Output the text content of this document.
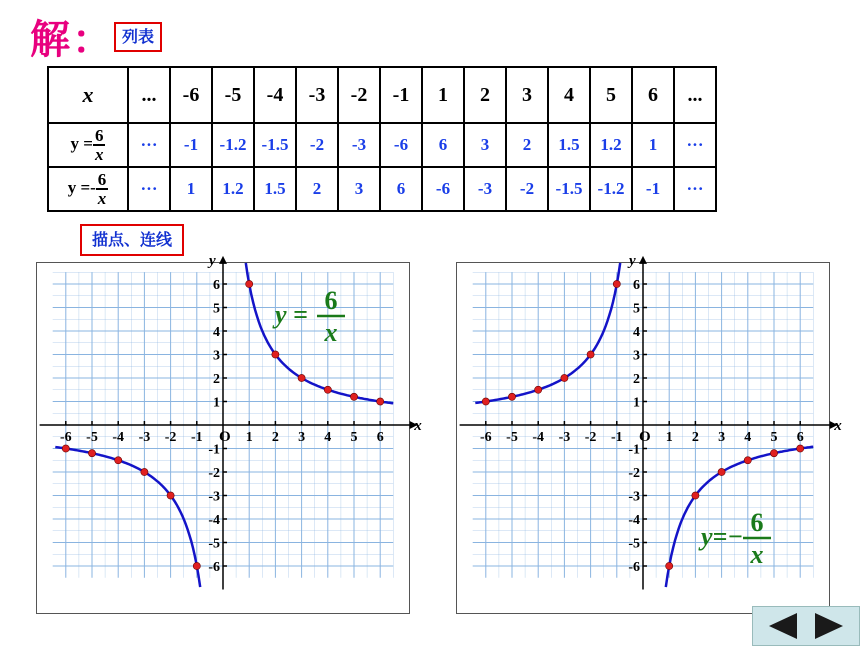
解： 列表
x	...	-6	-5	-4	-3	-2	-1	1	2	3	4	5	6	...
$y = \frac{6}{x}$	···	-1	-1.2	-1.5	-2	-3	-6	6	3	2	1.5	1.2	1	···
$y =- \frac{6}{x}$	···	1	1.2	1.5	2	3	6	-6	-3	-2	-1.5	-1.2	-1	···
描点、连线
x
y
O
-6 -5 -4 -3 -2 -1	1 2 3 4 5 6
6
5
4
3
2
1
-1
-2
-3
-4
-5
-6
y = 6
x
x
y
O
-6 -5 -4 -3 -2 -1	1 2 3 4 5 6
6
5
4
3
2
1
-1
-2
-3
-4
-5
-6
y=− 6
x
